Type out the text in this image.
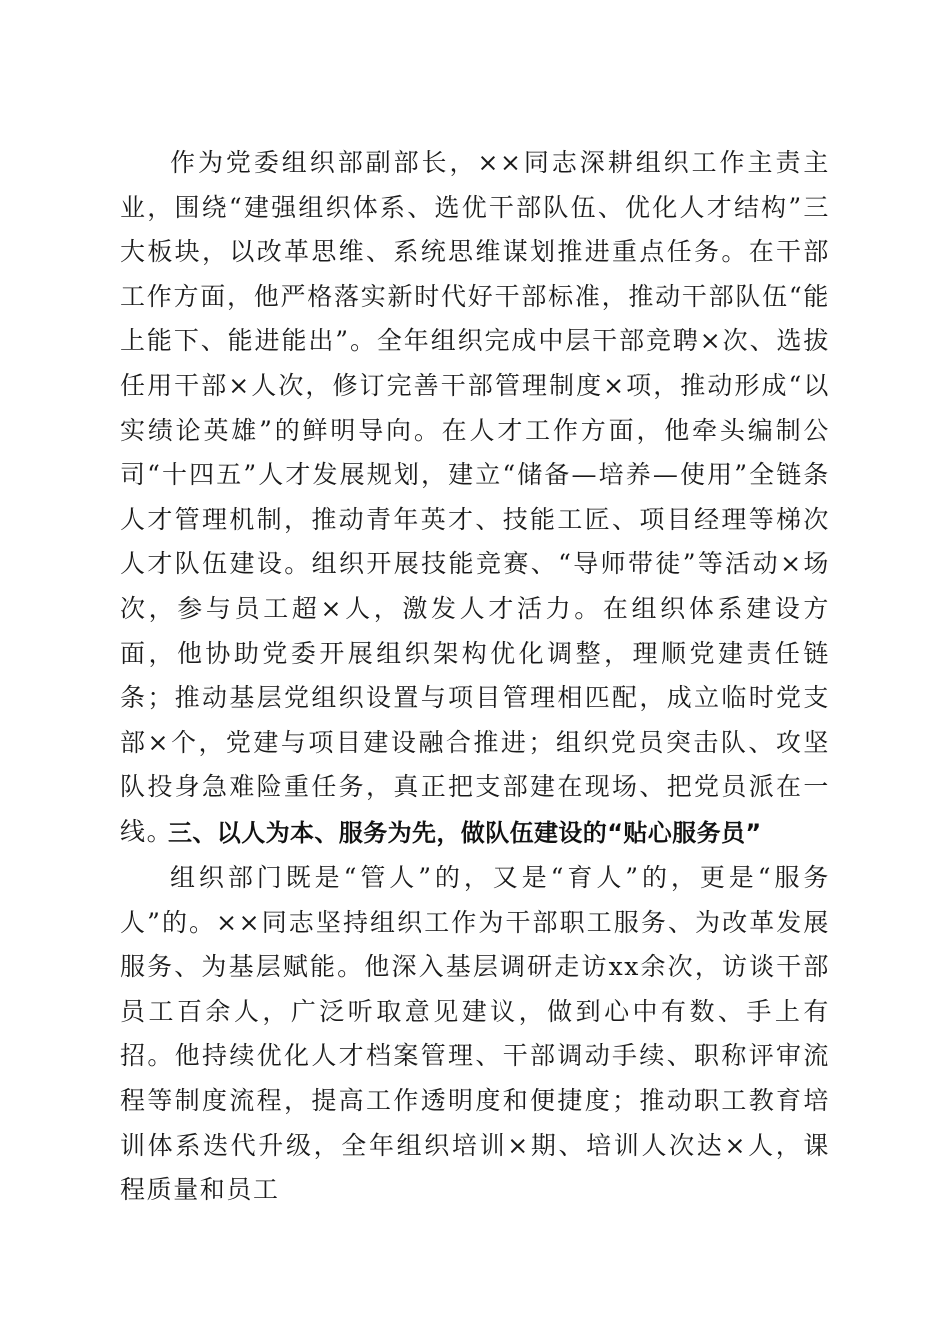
作为党委组织部副部长，××同志深耕组织工作主责主业，围绕“建强组织体系、选优干部队伍、优化人才结构”三大板块，以改革思维、系统思维谋划推进重点任务。在干部工作方面，他严格落实新时代好干部标准，推动干部队伍“能上能下、能进能出”。全年组织完成中层干部竞聘×次、选拔任用干部×人次，修订完善干部管理制度×项，推动形成“以实绩论英雄”的鲜明导向。在人才工作方面，他牵头编制公司“十四五”人才发展规划，建立“储备—培养—使用”全链条人才管理机制，推动青年英才、技能工匠、项目经理等梯次人才队伍建设。组织开展技能竞赛、“导师带徒”等活动×场次，参与员工超×人，激发人才活力。在组织体系建设方面，他协助党委开展组织架构优化调整，理顺党建责任链条；推动基层党组织设置与项目管理相匹配，成立临时党支部×个，党建与项目建设融合推进；组织党员突击队、攻坚队投身急难险重任务，真正把支部建在现场、把党员派在一线。

三、以人为本、服务为先，做队伍建设的“贴心服务员”

组织部门既是“管人”的，又是“育人”的，更是“服务人”的。××同志坚持组织工作为干部职工服务、为改革发展服务、为基层赋能。他深入基层调研走访xx余次，访谈干部员工百余人，广泛听取意见建议，做到心中有数、手上有招。他持续优化人才档案管理、干部调动手续、职称评审流程等制度流程，提高工作透明度和便捷度；推动职工教育培训体系迭代升级，全年组织培训×期、培训人次达×人，课程质量和员工
